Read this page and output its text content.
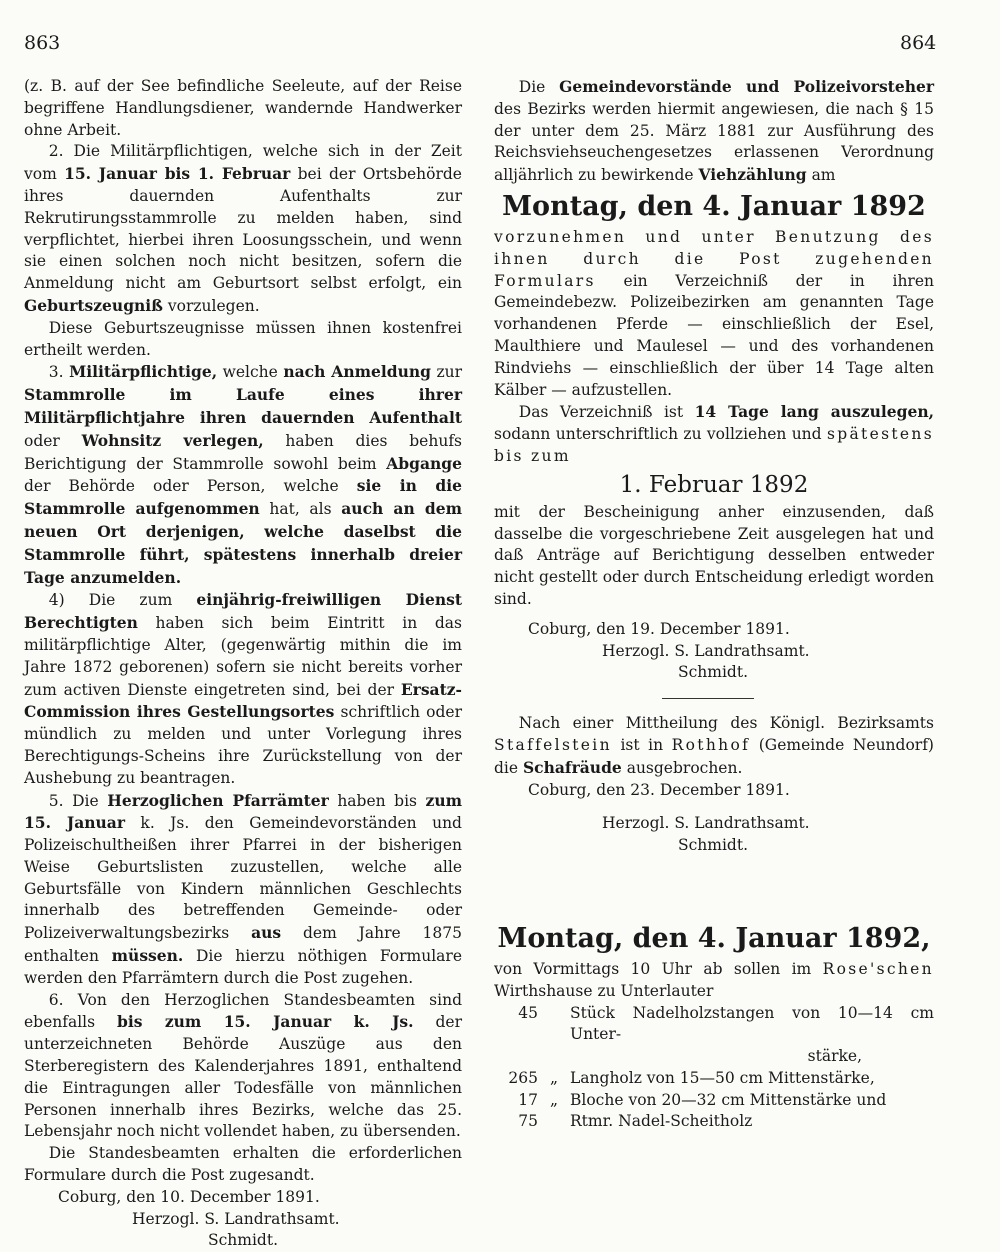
863	864

(z. B. auf der See befindliche Seeleute, auf der Reise begriffene Handlungsdiener, wandernde Handwerker ohne Arbeit.

2. Die Militärpflichtigen, welche sich in der Zeit vom 15. Januar bis 1. Februar bei der Ortsbehörde ihres dauernden Aufenthalts zur Rekrutirungsstammrolle zu melden haben, sind verpflichtet, hierbei ihren Loosungsschein, und wenn sie einen solchen noch nicht besitzen, sofern die Anmeldung nicht am Geburtsort selbst erfolgt, ein Geburtszeugniß vorzulegen.

Diese Geburtszeugnisse müssen ihnen kostenfrei ertheilt werden.

3. Militärpflichtige, welche nach Anmeldung zur Stammrolle im Laufe eines ihrer Militärpflichtjahre ihren dauernden Aufenthalt oder Wohnsitz verlegen, haben dies behufs Berichtigung der Stammrolle sowohl beim Abgange der Behörde oder Person, welche sie in die Stammrolle aufgenommen hat, als auch an dem neuen Ort derjenigen, welche daselbst die Stammrolle führt, spätestens innerhalb dreier Tage anzumelden.

4) Die zum einjährig-freiwilligen Dienst Berechtigten haben sich beim Eintritt in das militärpflichtige Alter, (gegenwärtig mithin die im Jahre 1872 geborenen) sofern sie nicht bereits vorher zum activen Dienste eingetreten sind, bei der Ersatz-Commission ihres Gestellungsortes schriftlich oder mündlich zu melden und unter Vorlegung ihres Berechtigungs-Scheins ihre Zurückstellung von der Aushebung zu beantragen.

5. Die Herzoglichen Pfarrämter haben bis zum 15. Januar k. Js. den Gemeindevorständen und Polizeischultheißen ihrer Pfarrei in der bisherigen Weise Geburtslisten zuzustellen, welche alle Geburtsfälle von Kindern männlichen Geschlechts innerhalb des betreffenden Gemeinde- oder Polizeiverwaltungsbezirks aus dem Jahre 1875 enthalten müssen. Die hierzu nöthigen Formulare werden den Pfarrämtern durch die Post zugehen.

6. Von den Herzoglichen Standesbeamten sind ebenfalls bis zum 15. Januar k. Js. der unterzeichneten Behörde Auszüge aus den Sterberegistern des Kalenderjahres 1891, enthaltend die Eintragungen aller Todesfälle von männlichen Personen innerhalb ihres Bezirks, welche das 25. Lebensjahr noch nicht vollendet haben, zu übersenden.

Die Standesbeamten erhalten die erforderlichen Formulare durch die Post zugesandt.

Coburg, den 10. December 1891.

Herzogl. S. Landrathsamt.

Schmidt.

Die Gemeindevorstände und Polizeivorsteher des Bezirks werden hiermit angewiesen, die nach § 15 der unter dem 25. März 1881 zur Ausführung des Reichsviehseuchengesetzes erlassenen Verordnung alljährlich zu bewirkende Viehzählung am

Montag, den 4. Januar 1892

vorzunehmen und unter Benutzung des ihnen durch die Post zugehenden Formulars ein Verzeichniß der in ihren Gemeindebezw. Polizeibezirken am genannten Tage vorhandenen Pferde — einschließlich der Esel, Maulthiere und Maulesel — und des vorhandenen Rindviehs — einschließlich der über 14 Tage alten Kälber — aufzustellen.

Das Verzeichniß ist 14 Tage lang auszulegen, sodann unterschriftlich zu vollziehen und spätestens bis zum

1. Februar 1892

mit der Bescheinigung anher einzusenden, daß dasselbe die vorgeschriebene Zeit ausgelegen hat und daß Anträge auf Berichtigung desselben entweder nicht gestellt oder durch Entscheidung erledigt worden sind.

Coburg, den 19. December 1891.

Herzogl. S. Landrathsamt.

Schmidt.

Nach einer Mittheilung des Königl. Bezirksamts Staffelstein ist in Rothhof (Gemeinde Neundorf) die Schafräude ausgebrochen.

Coburg, den 23. December 1891.

Herzogl. S. Landrathsamt.

Schmidt.

Montag, den 4. Januar 1892,

von Vormittags 10 Uhr ab sollen im Rose'schen Wirthshause zu Unterlauter

45 Stück Nadelholzstangen von 10—14 cm Unter-
stärke,
265 „ Langholz von 15—50 cm Mittenstärke,
17 „ Bloche von 20—32 cm Mittenstärke und
75 Rtmr. Nadel-Scheitholz
